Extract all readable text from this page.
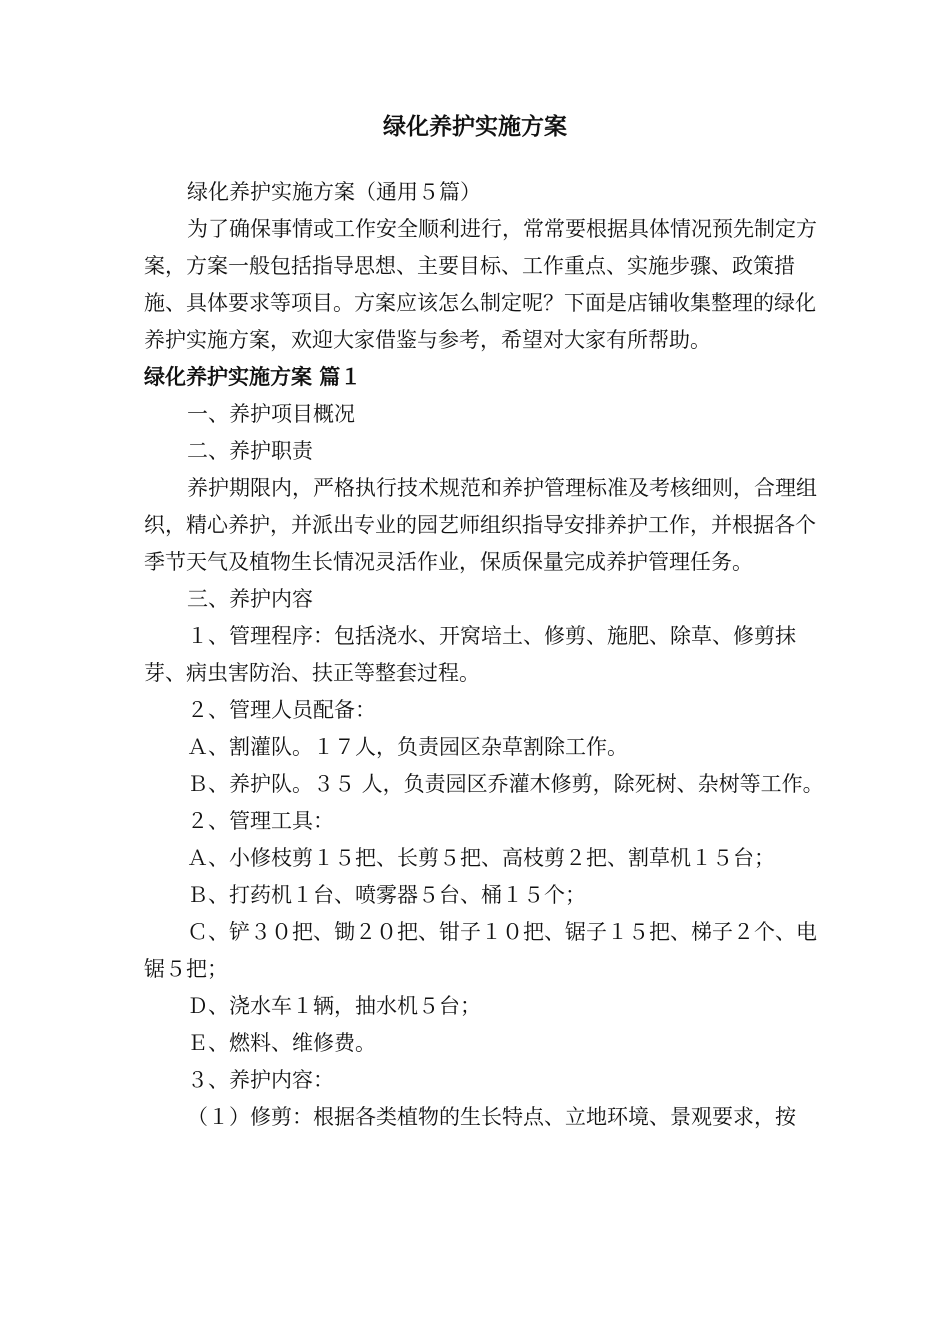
绿化养护实施方案

绿化养护实施方案（通用５篇）

为了确保事情或工作安全顺利进行，常常要根据具体情况预先制定方案，方案一般包括指导思想、主要目标、工作重点、实施步骤、政策措施、具体要求等项目。方案应该怎么制定呢？下面是店铺收集整理的绿化养护实施方案，欢迎大家借鉴与参考，希望对大家有所帮助。

绿化养护实施方案 篇１

一、养护项目概况

二、养护职责

养护期限内，严格执行技术规范和养护管理标准及考核细则，合理组织，精心养护，并派出专业的园艺师组织指导安排养护工作，并根据各个季节天气及植物生长情况灵活作业，保质保量完成养护管理任务。

三、养护内容

１、管理程序：包括浇水、开窝培土、修剪、施肥、除草、修剪抹芽、病虫害防治、扶正等整套过程。

２、管理人员配备：

Ａ、割灌队。１７人，负责园区杂草割除工作。

Ｂ、养护队。３５ 人，负责园区乔灌木修剪，除死树、杂树等工作。

２、管理工具：

Ａ、小修枝剪１５把、长剪５把、高枝剪２把、割草机１５台；

Ｂ、打药机１台、喷雾器５台、桶１５个；

Ｃ、铲３０把、锄２０把、钳子１０把、锯子１５把、梯子２个、电锯５把；

Ｄ、浇水车１辆，抽水机５台；

Ｅ、燃料、维修费。

３、养护内容：

（１）修剪：根据各类植物的生长特点、立地环境、景观要求，按
